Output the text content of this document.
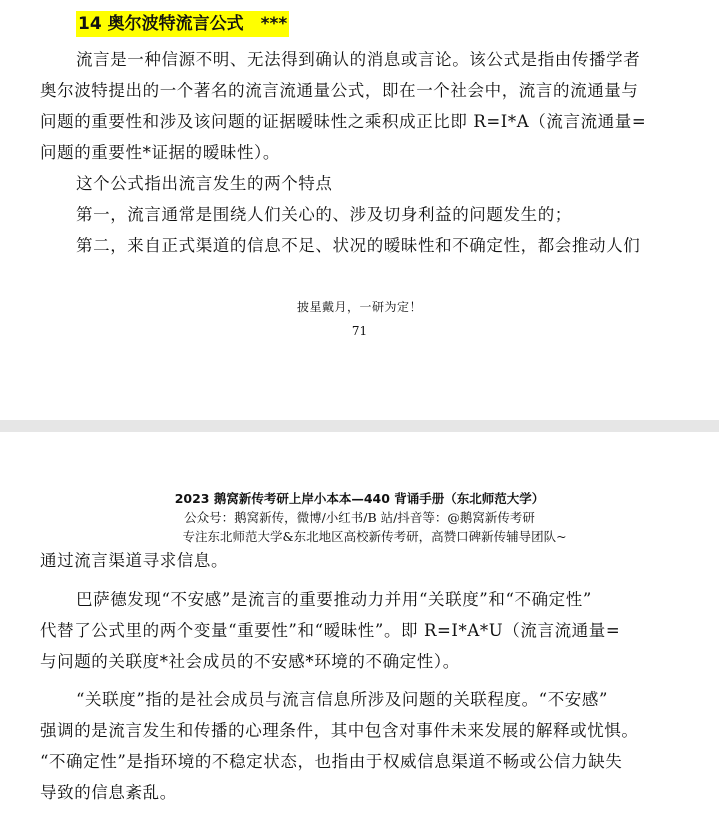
14 奥尔波特流言公式　***
流言是一种信源不明、无法得到确认的消息或言论。该公式是指由传播学者
奥尔波特提出的一个著名的流言流通量公式，即在一个社会中，流言的流通量与
问题的重要性和涉及该问题的证据暧昧性之乘积成正比即 R=I*A（流言流通量=
问题的重要性*证据的暧昧性）。
这个公式指出流言发生的两个特点
第一，流言通常是围绕人们关心的、涉及切身利益的问题发生的；
第二，来自正式渠道的信息不足、状况的暧昧性和不确定性，都会推动人们
披星戴月，一研为定！
71
2023 鹅窝新传考研上岸小本本—440 背诵手册（东北师范大学）
公众号：鹅窝新传，微博/小红书/B 站/抖音等：@鹅窝新传考研
专注东北师范大学&东北地区高校新传考研，高赞口碑新传辅导团队~
通过流言渠道寻求信息。
巴萨德发现“不安感”是流言的重要推动力并用“关联度”和“不确定性”
代替了公式里的两个变量“重要性”和“暧昧性”。即 R=I*A*U（流言流通量=
与问题的关联度*社会成员的不安感*环境的不确定性）。
“关联度”指的是社会成员与流言信息所涉及问题的关联程度。“不安感”
强调的是流言发生和传播的心理条件，其中包含对事件未来发展的解释或忧惧。
“不确定性”是指环境的不稳定状态，也指由于权威信息渠道不畅或公信力缺失
导致的信息紊乱。
